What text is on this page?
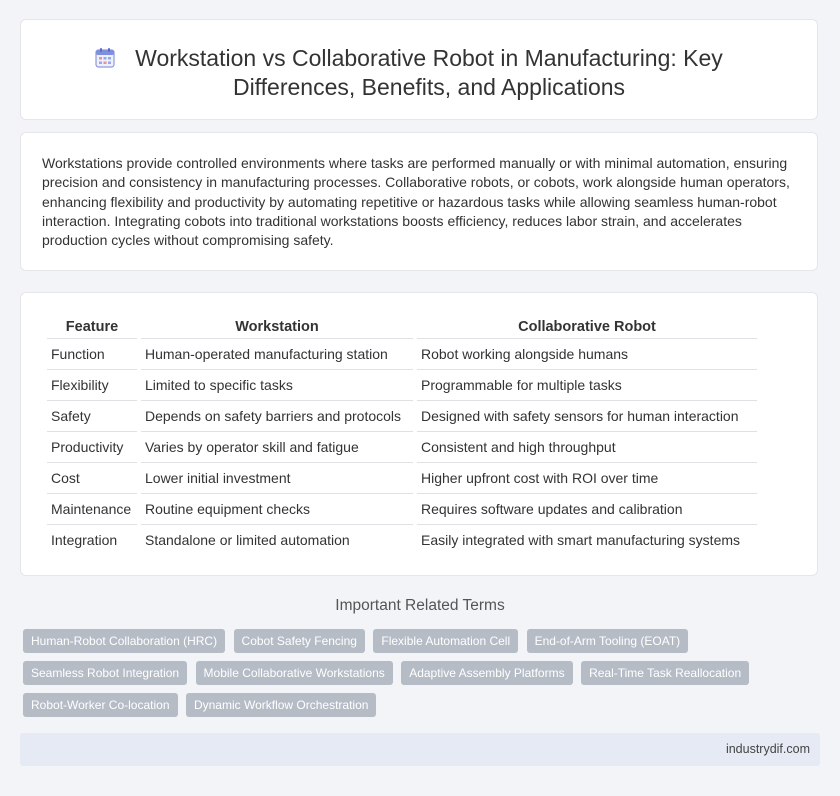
Workstation vs Collaborative Robot in Manufacturing: Key Differences, Benefits, and Applications

Workstations provide controlled environments where tasks are performed manually or with minimal automation, ensuring precision and consistency in manufacturing processes. Collaborative robots, or cobots, work alongside human operators, enhancing flexibility and productivity by automating repetitive or hazardous tasks while allowing seamless human-robot interaction. Integrating cobots into traditional workstations boosts efficiency, reduces labor strain, and accelerates production cycles without compromising safety.

Feature	Workstation	Collaborative Robot
Function	Human-operated manufacturing station	Robot working alongside humans
Flexibility	Limited to specific tasks	Programmable for multiple tasks
Safety	Depends on safety barriers and protocols	Designed with safety sensors for human interaction
Productivity	Varies by operator skill and fatigue	Consistent and high throughput
Cost	Lower initial investment	Higher upfront cost with ROI over time
Maintenance	Routine equipment checks	Requires software updates and calibration
Integration	Standalone or limited automation	Easily integrated with smart manufacturing systems
Important Related Terms
Human-Robot Collaboration (HRC) Cobot Safety Fencing Flexible Automation Cell End-of-Arm Tooling (EOAT) Seamless Robot Integration Mobile Collaborative Workstations Adaptive Assembly Platforms Real-Time Task Reallocation Robot-Worker Co-location Dynamic Workflow Orchestration
industrydif.com
